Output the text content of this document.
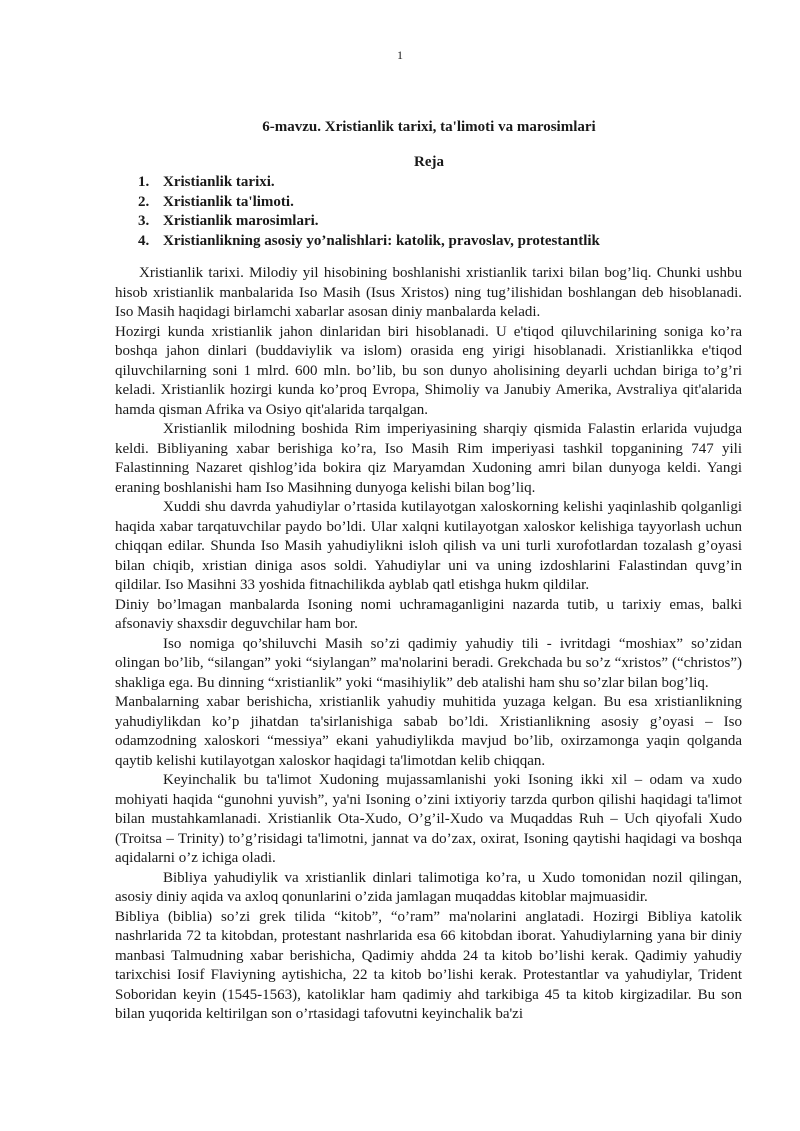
1
6-mavzu. Xristianlik tarixi, ta'limoti va marosimlari
Reja
1. Xristianlik tarixi.
2. Xristianlik ta'limoti.
3. Xristianlik marosimlari.
4. Xristianlikning asosiy yo’nalishlari: katolik, pravoslav, protestantlik

Xristianlik tarixi. Milodiy yil hisobining boshlanishi xristianlik tarixi bilan bog’liq. Chunki ushbu hisob xristianlik manbalarida Iso Masih (Isus Xristos) ning tug’ilishidan boshlangan deb hisoblanadi. Iso Masih haqidagi birlamchi xabarlar asosan diniy manbalarda keladi.

Hozirgi kunda xristianlik jahon dinlaridan biri hisoblanadi. U e'tiqod qiluvchilarining soniga ko’ra boshqa jahon dinlari (buddaviylik va islom) orasida eng yirigi hisoblanadi. Xristianlikka e'tiqod qiluvchilarning soni 1 mlrd. 600 mln. bo’lib, bu son dunyo aholisining deyarli uchdan biriga to’g’ri keladi. Xristianlik hozirgi kunda ko’proq Evropa, Shimoliy va Janubiy Amerika, Avstraliya qit'alarida hamda qisman Afrika va Osiyo qit'alarida tarqalgan.

Xristianlik milodning boshida Rim imperiyasining sharqiy qismida Falastin erlarida vujudga keldi. Bibliyaning xabar berishiga ko’ra, Iso Masih Rim imperiyasi tashkil topganining 747 yili Falastinning Nazaret qishlog’ida bokira qiz Maryamdan Xudoning amri bilan dunyoga keldi. Yangi eraning boshlanishi ham Iso Masihning dunyoga kelishi bilan bog’liq.

Xuddi shu davrda yahudiylar o’rtasida kutilayotgan xaloskorning kelishi yaqinlashib qolganligi haqida xabar tarqatuvchilar paydo bo’ldi. Ular xalqni kutilayotgan xaloskor kelishiga tayyorlash uchun chiqqan edilar. Shunda Iso Masih yahudiylikni isloh qilish va uni turli xurofotlardan tozalash g’oyasi bilan chiqib, xristian diniga asos soldi. Yahudiylar uni va uning izdoshlarini Falastindan quvg’in qildilar. Iso Masihni 33 yoshida fitnachilikda ayblab qatl etishga hukm qildilar.

Diniy bo’lmagan manbalarda Isoning nomi uchramaganligini nazarda tutib, u tarixiy emas, balki afsonaviy shaxsdir deguvchilar ham bor.

Iso nomiga qo’shiluvchi Masih so’zi qadimiy yahudiy tili - ivritdagi “moshiax” so’zidan olingan bo’lib, “silangan” yoki “siylangan” ma'nolarini beradi. Grekchada bu so’z “xristos” (“christos”) shakliga ega. Bu dinning “xristianlik” yoki “masihiylik” deb atalishi ham shu so’zlar bilan bog’liq.

Manbalarning xabar berishicha, xristianlik yahudiy muhitida yuzaga kelgan. Bu esa xristianlikning yahudiylikdan ko’p jihatdan ta'sirlanishiga sabab bo’ldi. Xristianlikning asosiy g’oyasi – Iso odamzodning xaloskori “messiya” ekani yahudiylikda mavjud bo’lib, oxirzamonga yaqin qolganda qaytib kelishi kutilayotgan xaloskor haqidagi ta'limotdan kelib chiqqan.

Keyinchalik bu ta'limot Xudoning mujassamlanishi yoki Isoning ikki xil – odam va xudo mohiyati haqida “gunohni yuvish”, ya'ni Isoning o’zini ixtiyoriy tarzda qurbon qilishi haqidagi ta'limot bilan mustahkamlanadi. Xristianlik Ota-Xudo, O’g’il-Xudo va Muqaddas Ruh – Uch qiyofali Xudo (Troitsa – Trinity) to’g’risidagi ta'limotni, jannat va do’zax, oxirat, Isoning qaytishi haqidagi va boshqa aqidalarni o’z ichiga oladi.

Bibliya yahudiylik va xristianlik dinlari talimotiga ko’ra, u Xudo tomonidan nozil qilingan, asosiy diniy aqida va axloq qonunlarini o’zida jamlagan muqaddas kitoblar majmuasidir.

Bibliya (biblia) so’zi grek tilida “kitob”, “o’ram” ma'nolarini anglatadi. Hozirgi Bibliya katolik nashrlarida 72 ta kitobdan, protestant nashrlarida esa 66 kitobdan iborat. Yahudiylarning yana bir diniy manbasi Talmudning xabar berishicha, Qadimiy ahdda 24 ta kitob bo’lishi kerak. Qadimiy yahudiy tarixchisi Iosif Flaviyning aytishicha, 22 ta kitob bo’lishi kerak. Protestantlar va yahudiylar, Trident Soboridan keyin (1545-1563), katoliklar ham qadimiy ahd tarkibiga 45 ta kitob kirgizadilar. Bu son bilan yuqorida keltirilgan son o’rtasidagi tafovutni keyinchalik ba'zi
